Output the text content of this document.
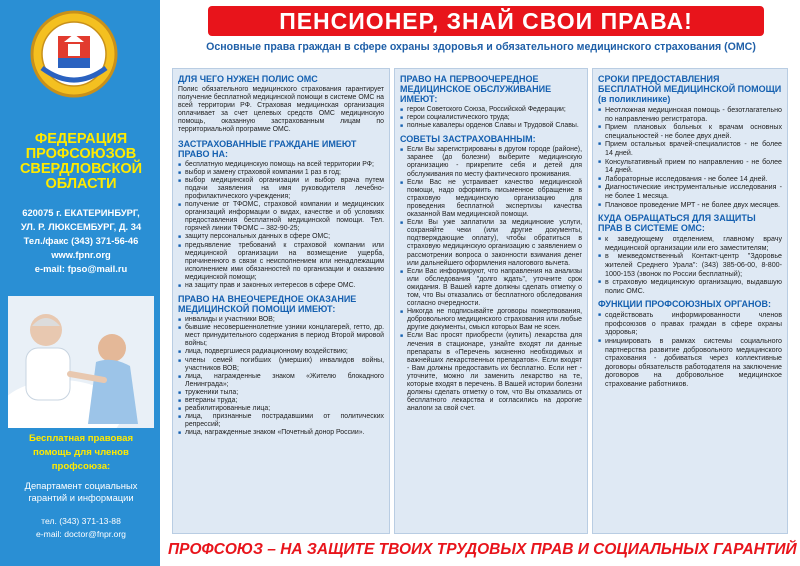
ФЕДЕРАЦИЯ
ПРОФСОЮЗОВ
СВЕРДЛОВСКОЙ
ОБЛАСТИ
620075 г. ЕКАТЕРИНБУРГ,
УЛ. Р. ЛЮКСЕМБУРГ, Д. 34
Тел./факс (343) 371-56-46
www.fpnr.org
e-mail: fpso@mail.ru
Бесплатная правовая
помощь для членов
профсоюза:
Департамент социальных
гарантий и информации
тел. (343) 371-13-88
e-mail: doctor@fnpr.org
ПЕНСИОНЕР, ЗНАЙ СВОИ ПРАВА!
Основные права граждан в сфере охраны здоровья и обязательного медицинского страхования (ОМС)
ДЛЯ ЧЕГО НУЖЕН ПОЛИС ОМС
Полис обязательного медицинского страхования гарантирует получение бесплатной медицинской помощи в системе ОМС на всей территории РФ. Страховая медицинская организация оплачивает за счет целевых средств ОМС медицинскую помощь, оказанную застрахованным лицам по территориальной программе ОМС.
ЗАСТРАХОВАННЫЕ ГРАЖДАНЕ ИМЕЮТ ПРАВО НА:
■ бесплатную медицинскую помощь на всей территории РФ;
■ выбор и замену страховой компании 1 раз в год;
■ выбор медицинской организации и выбор врача путем подачи заявления на имя руководителя лечебно-профилактического учреждения;
■ получение от ТФОМС, страховой компании и медицинских организаций информации о видах, качестве и об условиях предоставления бесплатной медицинской помощи. Тел. горячей линии ТФОМС – 382-90-25;
■ защиту персональных данных в сфере ОМС;
■ предъявление требований к страховой компании или медицинской организации на возмещение ущерба, причиненного в связи с неисполнением или ненадлежащим исполнением ими обязанностей по организации и оказанию медицинской помощи;
■ на защиту прав и законных интересов в сфере ОМС.
ПРАВО НА ВНЕОЧЕРЕДНОЕ ОКАЗАНИЕ МЕДИЦИНСКОЙ ПОМОЩИ ИМЕЮТ:
■ инвалиды и участники ВОВ;
■ бывшие несовершеннолетние узники концлагерей, гетто, др. мест принудительного содержания в период Второй мировой войны;
■ лица, подвергшиеся радиационному воздействию;
■ члены семей погибших (умерших) инвалидов войны, участников ВОВ;
■ лица, награжденные знаком «Жителю блокадного Ленинграда»;
■ труженики тыла;
■ ветераны труда;
■ реабилитированные лица;
■ лица, признанные пострадавшими от политических репрессий;
■ лица, награжденные знаком «Почетный донор России».
ПРАВО НА ПЕРВООЧЕРЕДНОЕ МЕДИЦИНСКОЕ ОБСЛУЖИВАНИЕ ИМЕЮТ:
■ герои Советского Союза, Российской Федерации;
■ герои социалистического труда;
■ полные кавалеры орденов Славы и Трудовой Славы.
СОВЕТЫ ЗАСТРАХОВАННЫМ:
■ Если Вы зарегистрированы в другом городе (районе), заранее (до болезни) выберите медицинскую организацию - прикрепите себя и детей для обслуживания по месту фактического проживания.
■ Если Вас не устраивает качество медицинской помощи, надо оформить письменное обращение в страховую медицинскую организацию для проведения бесплатной экспертизы качества оказанной Вам медицинской помощи.
■ Если Вы уже заплатили за медицинские услуги, сохраняйте чеки (или другие документы, подтверждающие оплату), чтобы обратиться в страховую медицинскую организацию с заявлением о рассмотрении вопроса о законности взимания денег или дальнейшего оформления налогового вычета.
■ Если Вас информируют, что направления на анализы или обследования "долго ждать", уточните срок ожидания. В Вашей карте должны сделать отметку о том, что Вы отказались от бесплатного обследования согласно очередности.
■ Никогда не подписывайте договоры пожертвования, добровольного медицинского страхования или любые другие документы, смысл которых Вам не ясен.
■ Если Вас просят приобрести (купить) лекарства для лечения в стационаре, узнайте входят ли данные препараты в «Перечень жизненно необходимых и важнейших лекарственных препаратов». Если входят - Вам должны предоставить их бесплатно. Если нет - уточните, можно ли заменить лекарство на те, которые входят в перечень. В Вашей истории болезни должны сделать отметку о том, что Вы отказались от бесплатного лекарства и согласились на дорогие аналоги за свой счет.
СРОКИ ПРЕДОСТАВЛЕНИЯ БЕСПЛАТНОЙ МЕДИЦИНСКОЙ ПОМОЩИ (в поликлинике)
■ Неотложная медицинская помощь - безотлагательно по направлению регистратора.
■ Прием плановых больных к врачам основных специальностей - не более двух дней.
■ Прием остальных врачей-специалистов - не более 14 дней.
■ Консультативный прием по направлению - не более 14 дней.
■ Лабораторные исследования - не более 14 дней.
■ Диагностические инструментальные исследования - не более 1 месяца.
■ Плановое проведение МРТ - не более двух месяцев.
КУДА ОБРАЩАТЬСЯ ДЛЯ ЗАЩИТЫ ПРАВ В СИСТЕМЕ ОМС:
■ к заведующему отделением, главному врачу медицинской организации или его заместителям;
■ в межведомственный Контакт-центр "Здоровье жителей Среднего Урала": (343) 385-06-00, 8-800-1000-153 (звонок по России бесплатный);
■ в страховую медицинскую организацию, выдавшую полис ОМС.
ФУНКЦИИ ПРОФСОЮЗНЫХ ОРГАНОВ:
■ содействовать информированности членов профсоюзов о правах граждан в сфере охраны здоровья;
■ инициировать в рамках системы социального партнерства развитие добровольного медицинского страхования - добиваться через коллективные договоры обязательств работодателя на заключение договоров на добровольное медицинское страхование работников.
ПРОФСОЮЗ – НА ЗАЩИТЕ ТВОИХ ТРУДОВЫХ ПРАВ И СОЦИАЛЬНЫХ ГАРАНТИЙ
